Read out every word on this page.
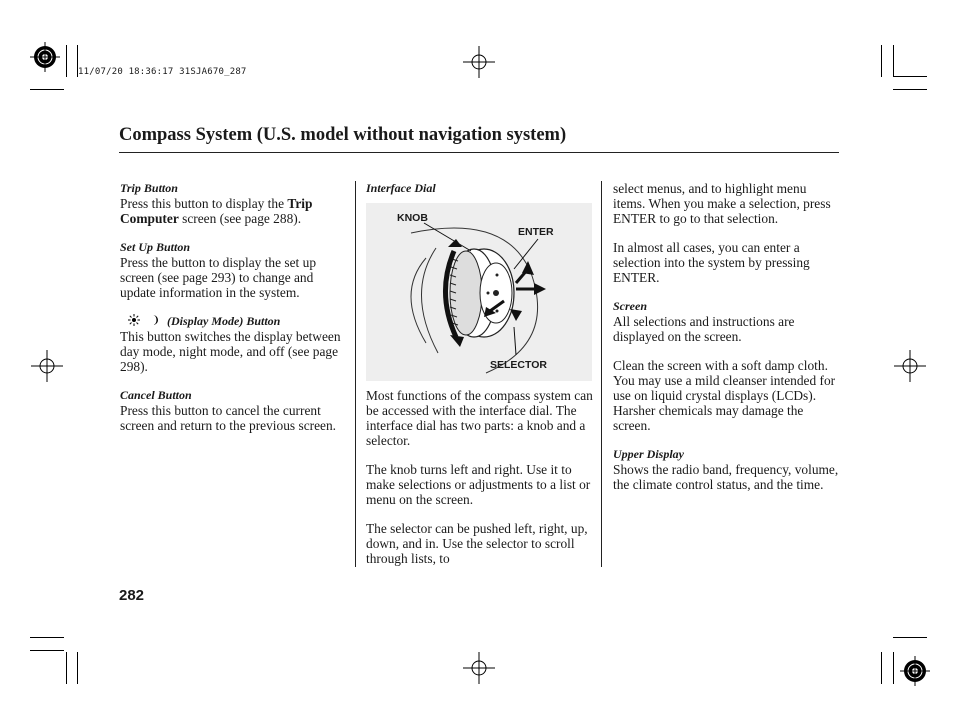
11/07/20 18:36:17 31SJA670_287
Compass System (U.S. model without navigation system)
Trip Button
Press this button to display the Trip Computer screen (see page 288).
Set Up Button
Press the button to display the set up screen (see page 293) to change and update information in the system.
(Display Mode) Button
This button switches the display between day mode, night mode, and off (see page 298).
Cancel Button
Press this button to cancel the current screen and return to the previous screen.
Interface Dial
KNOB
ENTER
SELECTOR
Most functions of the compass system can be accessed with the interface dial. The interface dial has two parts: a knob and a selector.
The knob turns left and right. Use it to make selections or adjustments to a list or menu on the screen.
The selector can be pushed left, right, up, down, and in. Use the selector to scroll through lists, to
select menus, and to highlight menu items. When you make a selection, press ENTER to go to that selection.
In almost all cases, you can enter a selection into the system by pressing ENTER.
Screen
All selections and instructions are displayed on the screen.
Clean the screen with a soft damp cloth. You may use a mild cleanser intended for use on liquid crystal displays (LCDs). Harsher chemicals may damage the screen.
Upper Display
Shows the radio band, frequency, volume, the climate control status, and the time.
282
